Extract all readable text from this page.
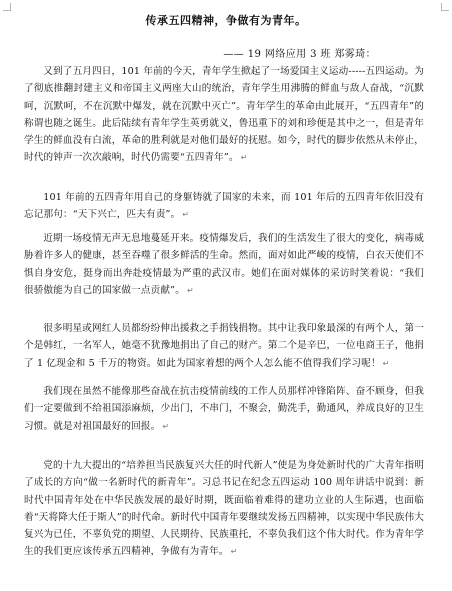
传承五四精神，争做有为青年。
—— 19 网络应用 3 班 郑雾琦：

又到了五月四日，101 年前的今天，青年学生掀起了一场爱国主义运动-----五四运动。为了彻底推翻封建主义和帝国主义两座大山的统治，青年学生用沸腾的鲜血与敌人奋战，“沉默呵，沉默呵，不在沉默中爆发，就在沉默中灭亡”。青年学生的革命由此展开，“五四青年”的称谓也随之诞生。此后陆续有青年学生英勇就义，鲁迅重下的刘和珍便是其中之一，但是青年学生的鲜血没有白流，革命的胜利就是对他们最好的抚慰。如今，时代的脚步依然从未停止，时代的钟声一次次敲响，时代仍需要“五四青年”。 ↵

101 年前的五四青年用自己的身躯铸就了国家的未来，而 101 年后的五四青年依旧没有忘记那句：“天下兴亡，匹夫有责”。 ↵

近期一场疫情无声无息地蔓延开来。疫情爆发后，我们的生活发生了很大的变化，病毒威胁着许多人的健康，甚至吞噬了很多鲜活的生命。然而，面对如此严峻的疫情，白衣天使们不惧自身安危，挺身而出奔赴疫情最为严重的武汉市。她们在面对媒体的采访时笑着说：“我们很骄傲能为自己的国家做一点贡献”。 ↵

很多明星或网红人员都纷纷伸出援救之手捐钱捐物。其中让我印象最深的有两个人，第一个是韩红，一名军人，她毫不犹豫地捐出了自己的财产。第二个是辛巴，一位电商王子，他捐了 1 亿现金和 5 千万的物资。如此为国家着想的两个人怎么能不值得我们学习呢！ ↵

我们现在虽然不能像那些奋战在抗击疫情前线的工作人员那样冲锋陷阵、奋不顾身，但我们一定要做到不给祖国添麻烦，少出门，不串门，不聚会，勤洗手，勤通风，养成良好的卫生习惯。就是对祖国最好的回报。 ↵

党的十九大提出的“培养担当民族复兴大任的时代新人”使是为身处新时代的广大青年指明了成长的方向“做一名新时代的新青年”。习总书记在纪念五四运动 100 周年讲话中说到：新时代中国青年处在中华民族发展的最好时期，既面临着难得的建功立业的人生际遇，也面临着“天将降大任于斯人”的时代命。新时代中国青年要继续发扬五四精神，以实现中华民族伟大复兴为已任，不辜负党的期望、人民期待、民族重托，不辜负我们这个伟大时代。作为青年学生的我们更应该传承五四精神，争做有为青年。 ↵
